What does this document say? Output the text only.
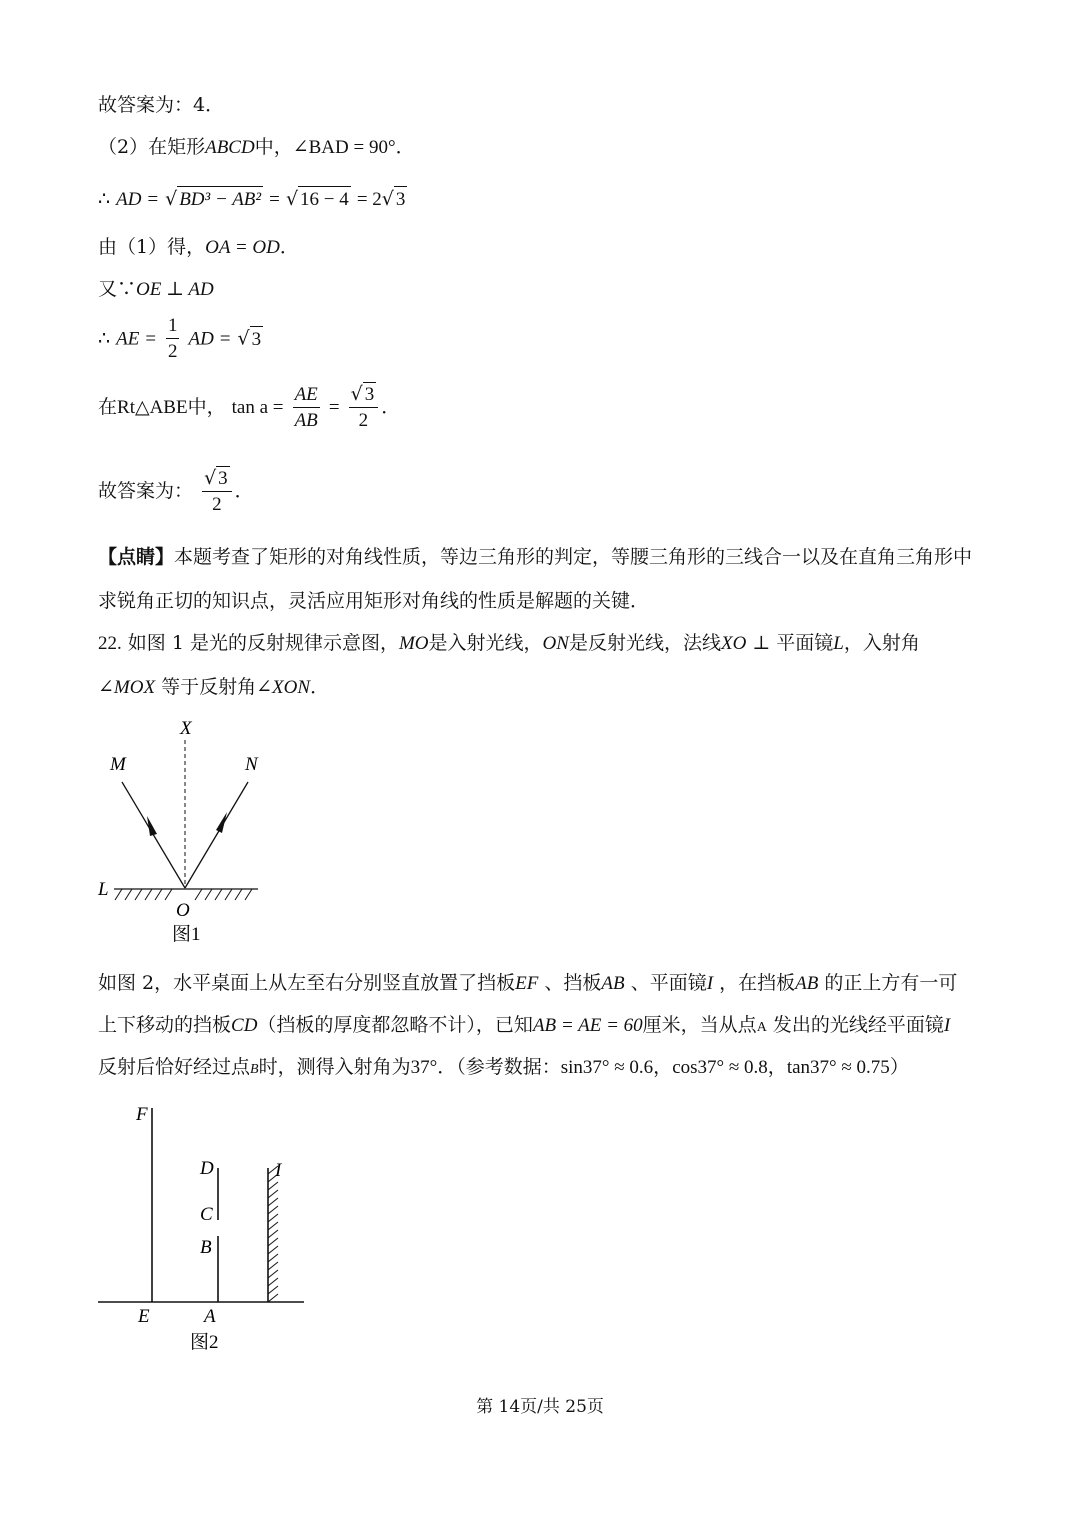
故答案为：4．
（2）在矩形ABCD中，∠BAD = 90°．
∴ AD = √ BD³ − AB² = √ 16 − 4 = 2√ 3
由（1）得，OA = OD．
又∵OE ⊥ AD
∴ AE = $\frac{1}{2}$ AD = √ 3
在Rt△ABE中， $\tan a = \frac{AE}{AB} = \frac{√ 3}{2}$ ．
故答案为： $\frac{√ 3}{2}$ ．
【点睛】本题考查了矩形的对角线性质，等边三角形的判定，等腰三角形的三线合一以及在直角三角形中
求锐角正切的知识点，灵活应用矩形对角线的性质是解题的关键．
22. 如图 1 是光的反射规律示意图，MO是入射光线，ON是反射光线，法线XO ⊥ 平面镜L，入射角
∠MOX 等于反射角∠XON．
X
M	N
L
O
图1
如图 2，水平桌面上从左至右分别竖直放置了挡板EF 、挡板AB 、平面镜I ，在挡板AB 的正上方有一可
上下移动的挡板CD（挡板的厚度都忽略不计），已知AB = AE = 60厘米，当从点A 发出的光线经平面镜I
反射后恰好经过点B时，测得入射角为37°．（参考数据：sin37° ≈ 0.6，cos37° ≈ 0.8，tan37° ≈ 0.75）
F
D
C
B
I
E	A
图2
第 14页/共 25页
